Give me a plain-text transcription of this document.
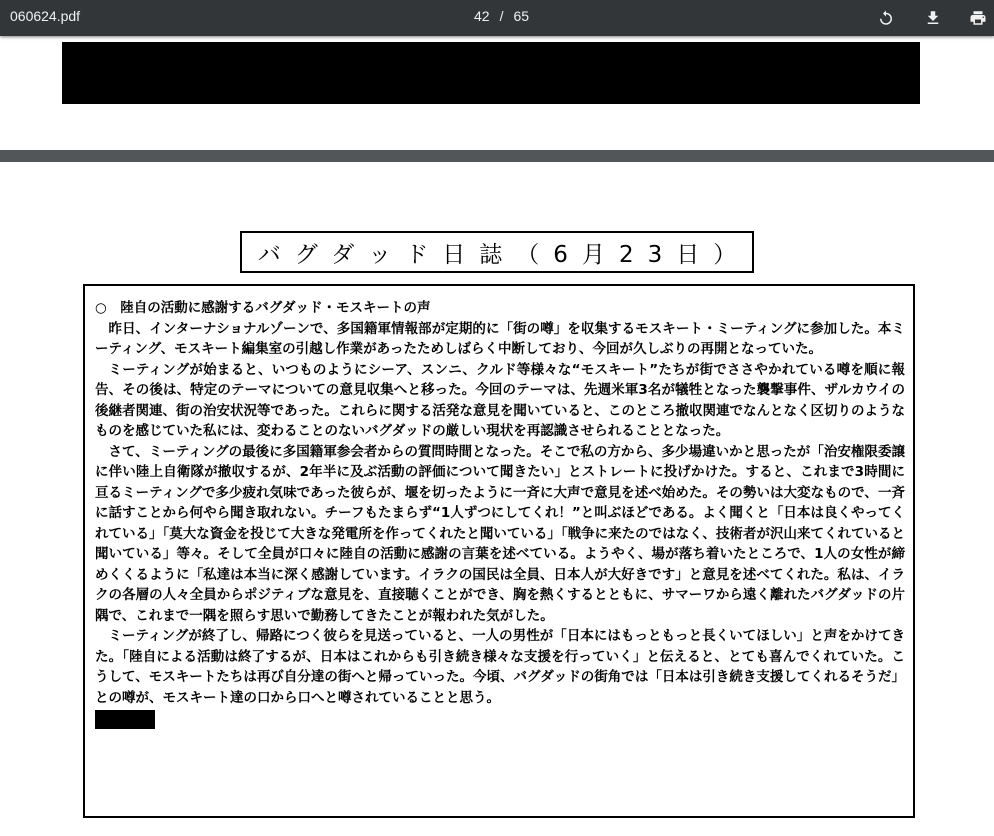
060624.pdf	42 / 65
バグダッド日誌（6月23日）
○　陸自の活動に感謝するバグダッド・モスキートの声

昨日、インターナショナルゾーンで、多国籍軍情報部が定期的に「街の噂」を収集するモスキート・ミーティングに参加した。本ミーティング、モスキート編集室の引越し作業があったためしばらく中断しており、今回が久しぶりの再開となっていた。

ミーティングが始まると、いつものようにシーア、スンニ、クルド等様々な“モスキート”たちが街でささやかれている噂を順に報告、その後は、特定のテーマについての意見収集へと移った。今回のテーマは、先週米軍3名が犠牲となった襲撃事件、ザルカウイの後継者関連、街の治安状況等であった。これらに関する活発な意見を聞いていると、このところ撤収関連でなんとなく区切りのようなものを感じていた私には、変わることのないバグダッドの厳しい現状を再認識させられることとなった。

さて、ミーティングの最後に多国籍軍参会者からの質問時間となった。そこで私の方から、多少場違いかと思ったが「治安権限委譲に伴い陸上自衛隊が撤収するが、2年半に及ぶ活動の評価について聞きたい」とストレートに投げかけた。すると、これまで3時間に亘るミーティングで多少疲れ気味であった彼らが、堰を切ったように一斉に大声で意見を述べ始めた。その勢いは大変なもので、一斉に話すことから何やら聞き取れない。チーフもたまらず“1人ずつにしてくれ！”と叫ぶほどである。よく聞くと「日本は良くやってくれている」「莫大な資金を投じて大きな発電所を作ってくれたと聞いている」「戦争に来たのではなく、技術者が沢山来てくれていると聞いている」等々。そして全員が口々に陸自の活動に感謝の言葉を述べている。ようやく、場が落ち着いたところで、1人の女性が締めくくるように「私達は本当に深く感謝しています。イラクの国民は全員、日本人が大好きです」と意見を述べてくれた。私は、イラクの各層の人々全員からポジティブな意見を、直接聴くことができ、胸を熱くするとともに、サマーワから遠く離れたバグダッドの片隅で、これまで一隅を照らす思いで勤務してきたことが報われた気がした。

ミーティングが終了し、帰路につく彼らを見送っていると、一人の男性が「日本にはもっともっと長くいてほしい」と声をかけてきた。「陸自による活動は終了するが、日本はこれからも引き続き様々な支援を行っていく」と伝えると、とても喜んでくれていた。こうして、モスキートたちは再び自分達の街へと帰っていった。今頃、バグダッドの街角では「日本は引き続き支援してくれるそうだ」との噂が、モスキート達の口から口へと噂されていることと思う。
